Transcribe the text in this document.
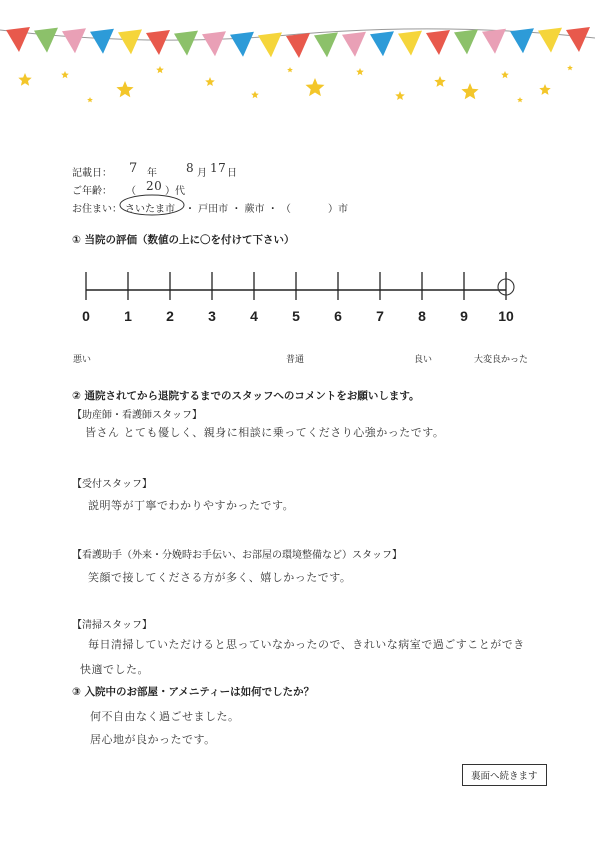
記載日： 7 年 8 月 17 日
ご年齢： （ 20 ）代
お住まい： さいたま市 ・ 戸田市 ・ 蕨市 ・ （	）市
① 当院の評価（数値の上に〇を付けて下さい）
0	1	2	3	4	5	6	7	8	9	10
悪い	普通	良い	大変良かった
② 通院されてから退院するまでのスタッフへのコメントをお願いします。
【助産師・看護師スタッフ】
皆さん とても優しく、親身に相談に乗ってくださり心強かったです。
【受付スタッフ】
説明等が丁寧でわかりやすかったです。
【看護助手（外来・分娩時お手伝い、お部屋の環境整備など）スタッフ】
笑顔で接してくださる方が多く、嬉しかったです。
【清掃スタッフ】
毎日清掃していただけると思っていなかったので、きれいな病室で過ごすことができ
快適でした。
③ 入院中のお部屋・アメニティーは如何でしたか？
何不自由なく過ごせました。
居心地が良かったです。
裏面へ続きます
